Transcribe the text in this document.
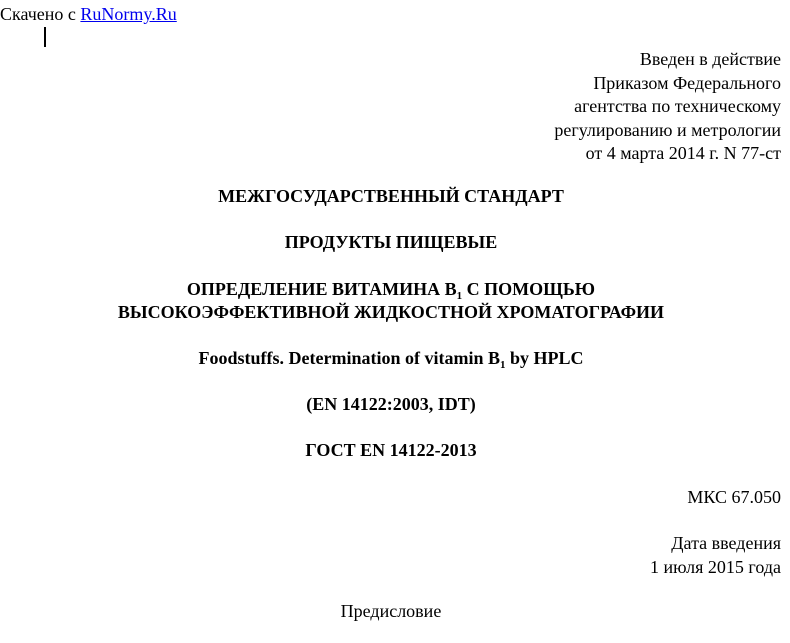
Скачено с RuNormy.Ru
Введен в действие
Приказом Федерального
агентства по техническому
регулированию и метрологии
от 4 марта 2014 г. N 77-ст
МЕЖГОСУДАРСТВЕННЫЙ СТАНДАРТ
ПРОДУКТЫ ПИЩЕВЫЕ
ОПРЕДЕЛЕНИЕ ВИТАМИНА $В_1$ С ПОМОЩЬЮ
ВЫСОКОЭФФЕКТИВНОЙ ЖИДКОСТНОЙ ХРОМАТОГРАФИИ
Foodstuffs. Determination of vitamin $B_1$ by HPLC
(EN 14122:2003, IDT)
ГОСТ EN 14122-2013
МКС 67.050
Дата введения
1 июля 2015 года
Предисловие
